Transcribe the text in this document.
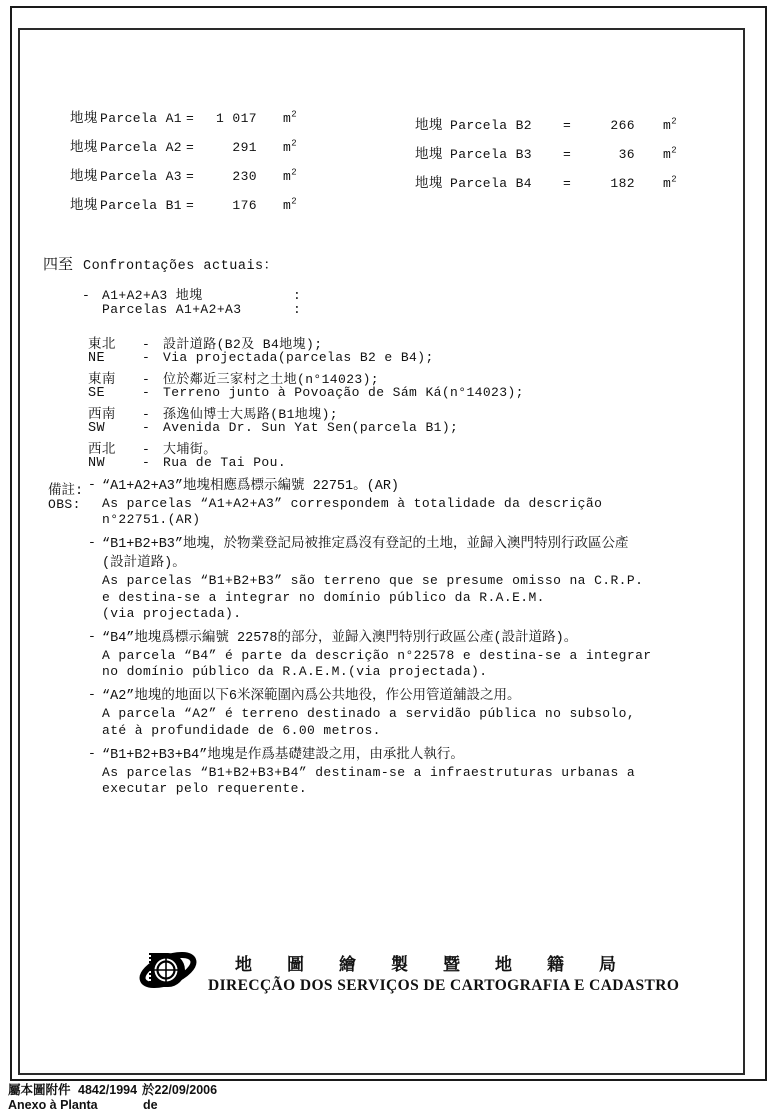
地塊 Parcela A1 =	1 017 $m^2$
地塊 Parcela A2 =	291 $m^2$
地塊 Parcela A3 =	230 $m^2$
地塊 Parcela B1 =	176 $m^2$
地塊 Parcela B2	=	266 $m^2$
地塊 Parcela B3	=	36 $m^2$
地塊 Parcela B4	=	182 $m^2$
四至 Confrontações actuais：
- A1+A2+A3 地塊	:
Parcelas A1+A2+A3	:
東北	- 設計道路(B2及 B4地塊);
NE	- Via projectada(parcelas B2 e B4);
東南	- 位於鄰近三家村之土地(n°14023);
SE	- Terreno junto à Povoação de Sám Ká(n°14023);
西南	- 孫逸仙博士大馬路(B1地塊);
SW	- Avenida Dr. Sun Yat Sen(parcela B1);
西北	- 大埔街。
NW	- Rua de Tai Pou.
備註:
OBS:
- “A1+A2+A3”地塊相應爲標示編號 22751。(AR)
As parcelas “A1+A2+A3” correspondem à totalidade da descrição
n°22751.(AR)
- “B1+B2+B3”地塊，於物業登記局被推定爲沒有登記的土地，並歸入澳門特別行政區公產
(設計道路)。
As parcelas “B1+B2+B3” são terreno que se presume omisso na C.R.P.
e destina-se a integrar no domínio público da R.A.E.M.
(via projectada).
- “B4”地塊爲標示編號 22578的部分，並歸入澳門特別行政區公產(設計道路)。
A parcela “B4” é parte da descrição n°22578 e destina-se a integrar
no domínio público da R.A.E.M.(via projectada).
- “A2”地塊的地面以下6米深範圍內爲公共地役，作公用管道舖設之用。
A parcela “A2” é terreno destinado a servidão pública no subsolo,
até à profundidade de 6.00 metros.
- “B1+B2+B3+B4”地塊是作爲基礎建設之用，由承批人執行。
As parcelas “B1+B2+B3+B4” destinam-se a infraestruturas urbanas a
executar pelo requerente.
地圖繪製暨地籍局
DIRECÇÃO DOS SERVIÇOS DE CARTOGRAFIA E CADASTRO
屬本圖附件 4842/1994 於22/09/2006
Anexo à Planta	de
